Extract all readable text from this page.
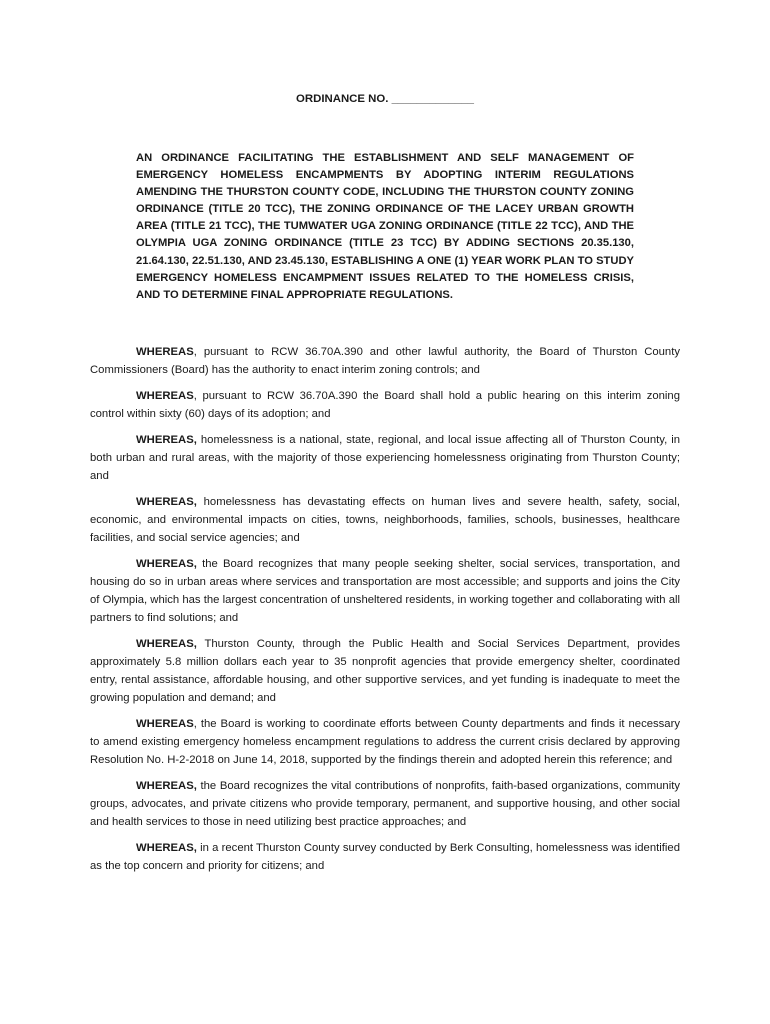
ORDINANCE NO. _____________
AN ORDINANCE FACILITATING THE ESTABLISHMENT AND SELF MANAGEMENT OF EMERGENCY HOMELESS ENCAMPMENTS BY ADOPTING INTERIM REGULATIONS AMENDING THE THURSTON COUNTY CODE, INCLUDING THE THURSTON COUNTY ZONING ORDINANCE (TITLE 20 TCC), THE ZONING ORDINANCE OF THE LACEY URBAN GROWTH AREA (TITLE 21 TCC), THE TUMWATER UGA ZONING ORDINANCE (TITLE 22 TCC), AND THE OLYMPIA UGA ZONING ORDINANCE (TITLE 23 TCC) BY ADDING SECTIONS 20.35.130, 21.64.130, 22.51.130, AND 23.45.130, ESTABLISHING A ONE (1) YEAR WORK PLAN TO STUDY EMERGENCY HOMELESS ENCAMPMENT ISSUES RELATED TO THE HOMELESS CRISIS, AND TO DETERMINE FINAL APPROPRIATE REGULATIONS.

WHEREAS, pursuant to RCW 36.70A.390 and other lawful authority, the Board of Thurston County Commissioners (Board) has the authority to enact interim zoning controls; and

WHEREAS, pursuant to RCW 36.70A.390 the Board shall hold a public hearing on this interim zoning control within sixty (60) days of its adoption; and

WHEREAS, homelessness is a national, state, regional, and local issue affecting all of Thurston County, in both urban and rural areas, with the majority of those experiencing homelessness originating from Thurston County; and

WHEREAS, homelessness has devastating effects on human lives and severe health, safety, social, economic, and environmental impacts on cities, towns, neighborhoods, families, schools, businesses, healthcare facilities, and social service agencies; and

WHEREAS, the Board recognizes that many people seeking shelter, social services, transportation, and housing do so in urban areas where services and transportation are most accessible; and supports and joins the City of Olympia, which has the largest concentration of unsheltered residents, in working together and collaborating with all partners to find solutions; and

WHEREAS, Thurston County, through the Public Health and Social Services Department, provides approximately 5.8 million dollars each year to 35 nonprofit agencies that provide emergency shelter, coordinated entry, rental assistance, affordable housing, and other supportive services, and yet funding is inadequate to meet the growing population and demand; and

WHEREAS, the Board is working to coordinate efforts between County departments and finds it necessary to amend existing emergency homeless encampment regulations to address the current crisis declared by approving Resolution No. H-2-2018 on June 14, 2018, supported by the findings therein and adopted herein this reference; and

WHEREAS, the Board recognizes the vital contributions of nonprofits, faith-based organizations, community groups, advocates, and private citizens who provide temporary, permanent, and supportive housing, and other social and health services to those in need utilizing best practice approaches; and

WHEREAS, in a recent Thurston County survey conducted by Berk Consulting, homelessness was identified as the top concern and priority for citizens; and
